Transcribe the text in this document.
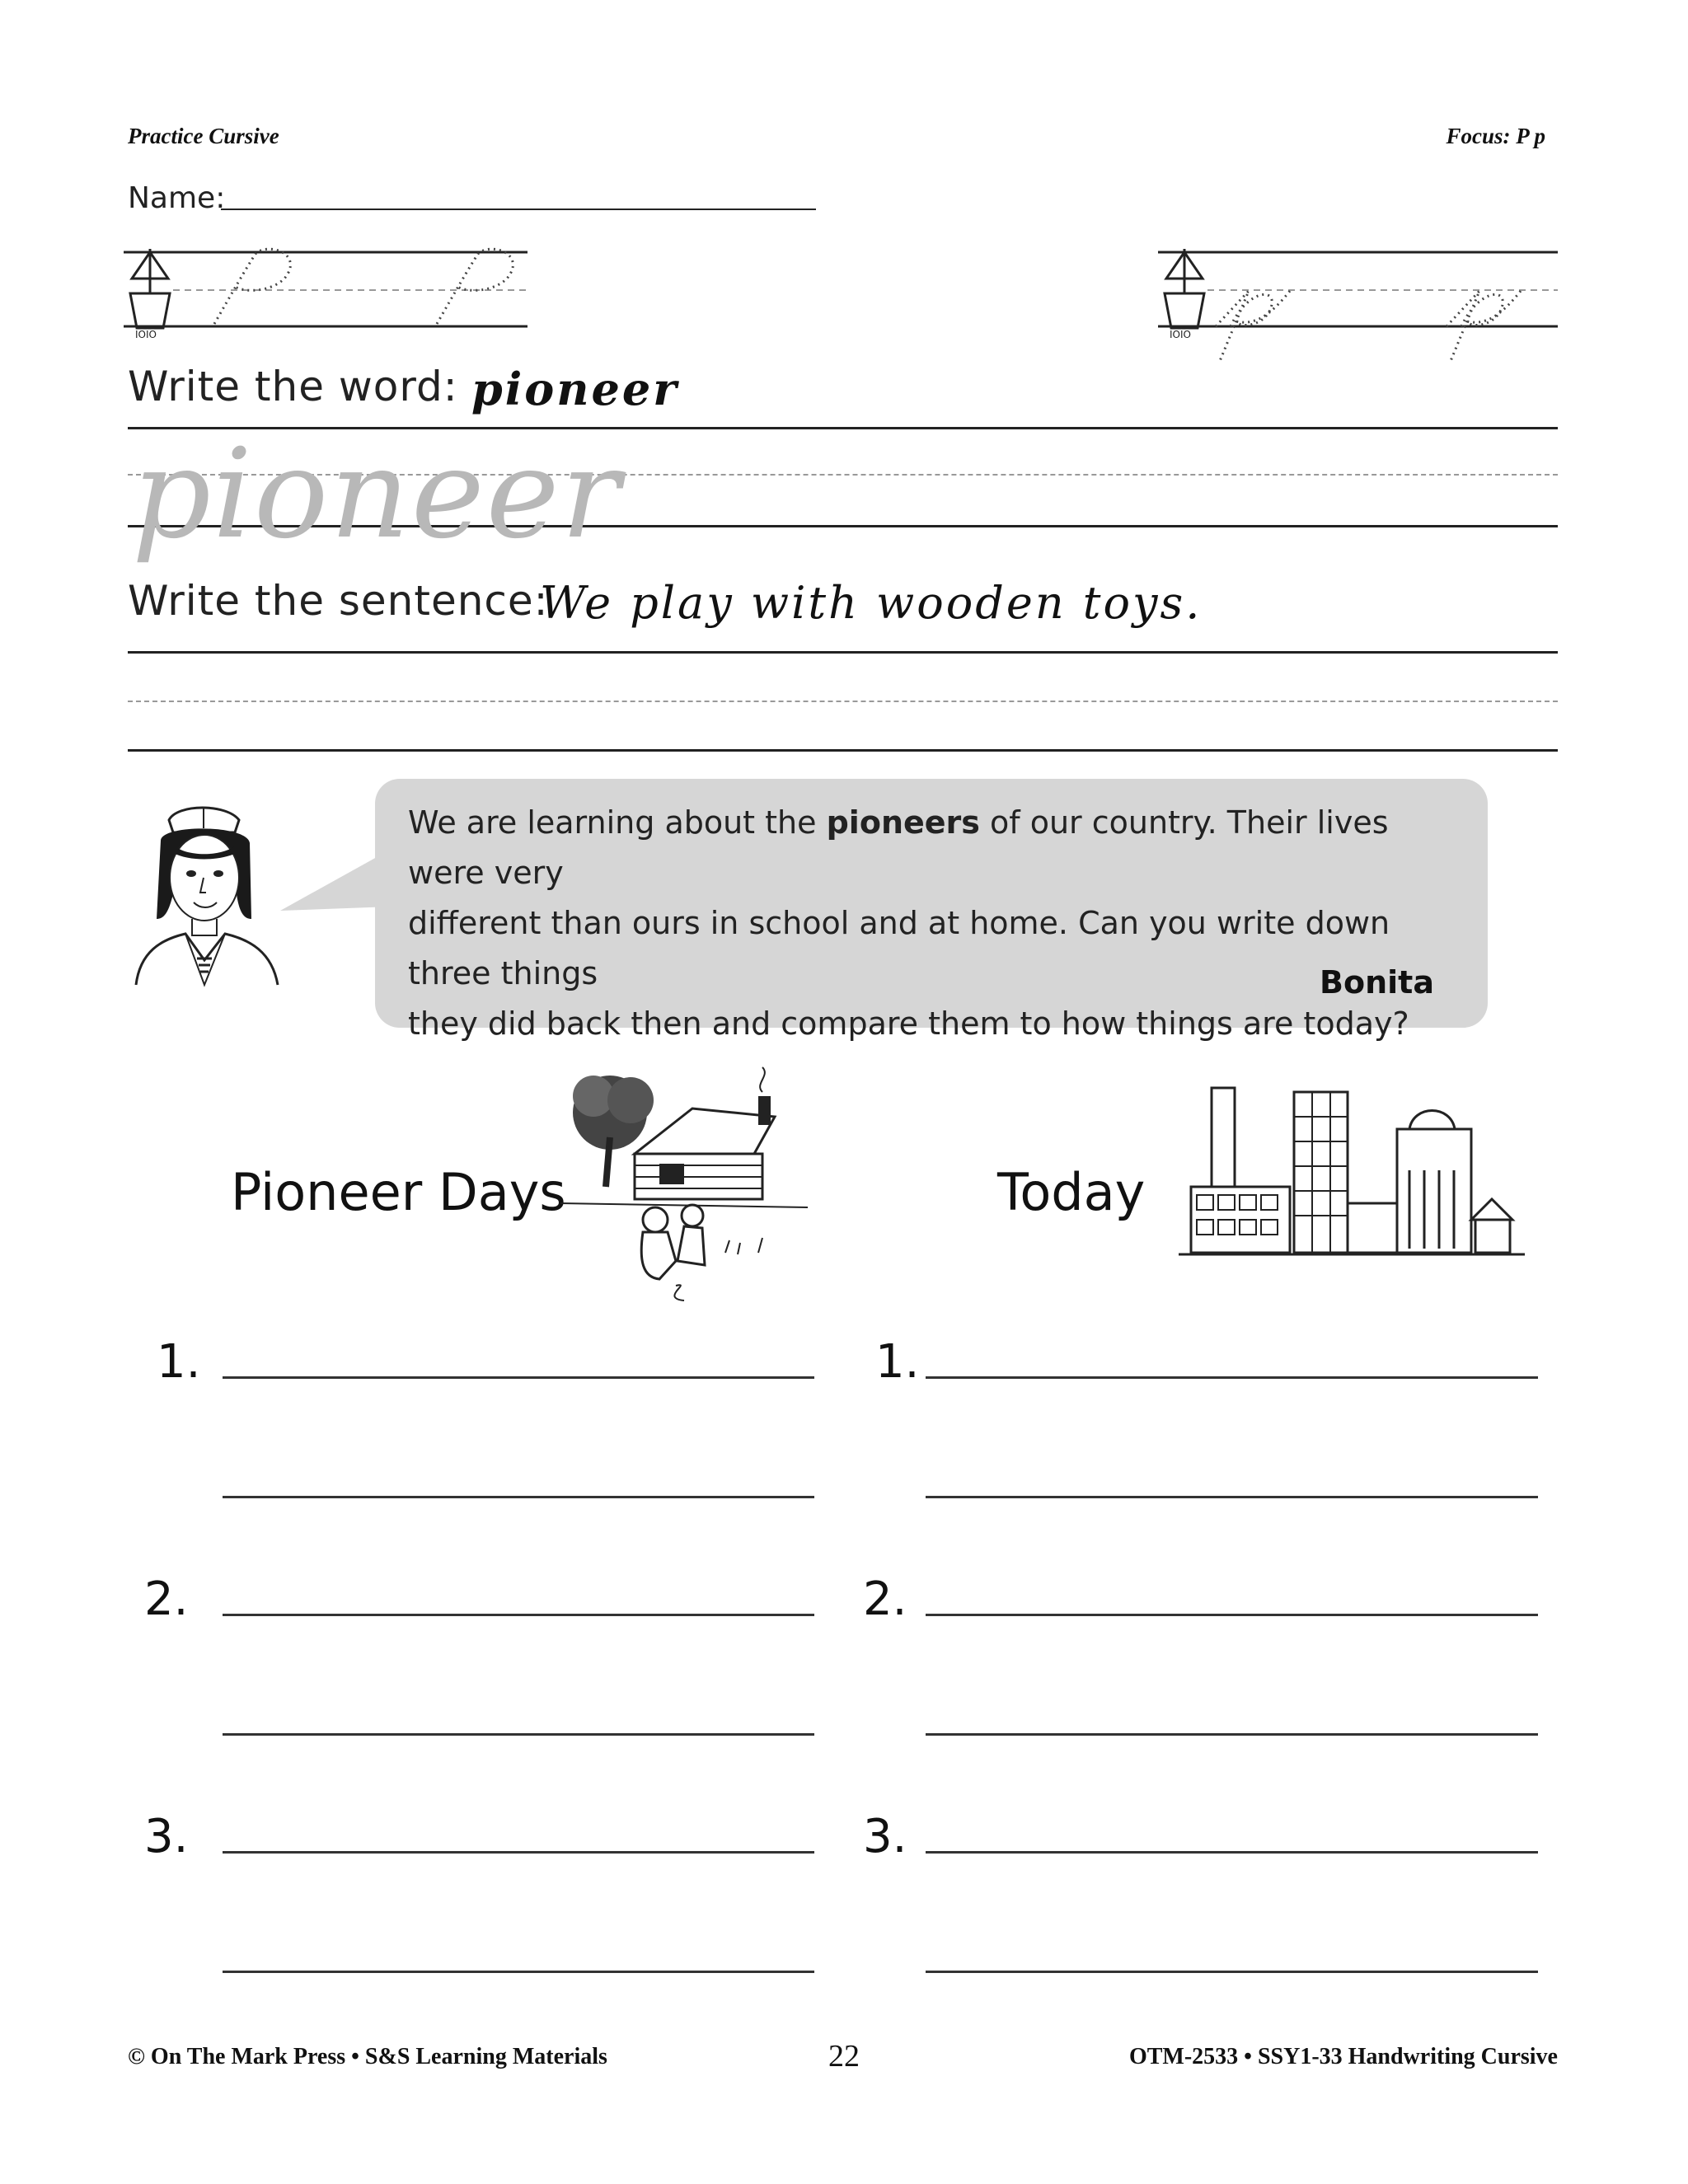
Practice Cursive	Focus: P p
Name:
IOIO	IOIO
Write the word: pioneer
pioneer
Write the sentence:
We play with wooden toys.
We are learning about the pioneers of our country. Their lives were very
different than ours in school and at home. Can you write down three things
they did back then and compare them to how things are today?
Bonita
Pioneer Days	Today
1.
2.
3.
1.
2.
3.
© On The Mark Press • S&S Learning Materials	22	OTM-2533 • SSY1-33 Handwriting Cursive
